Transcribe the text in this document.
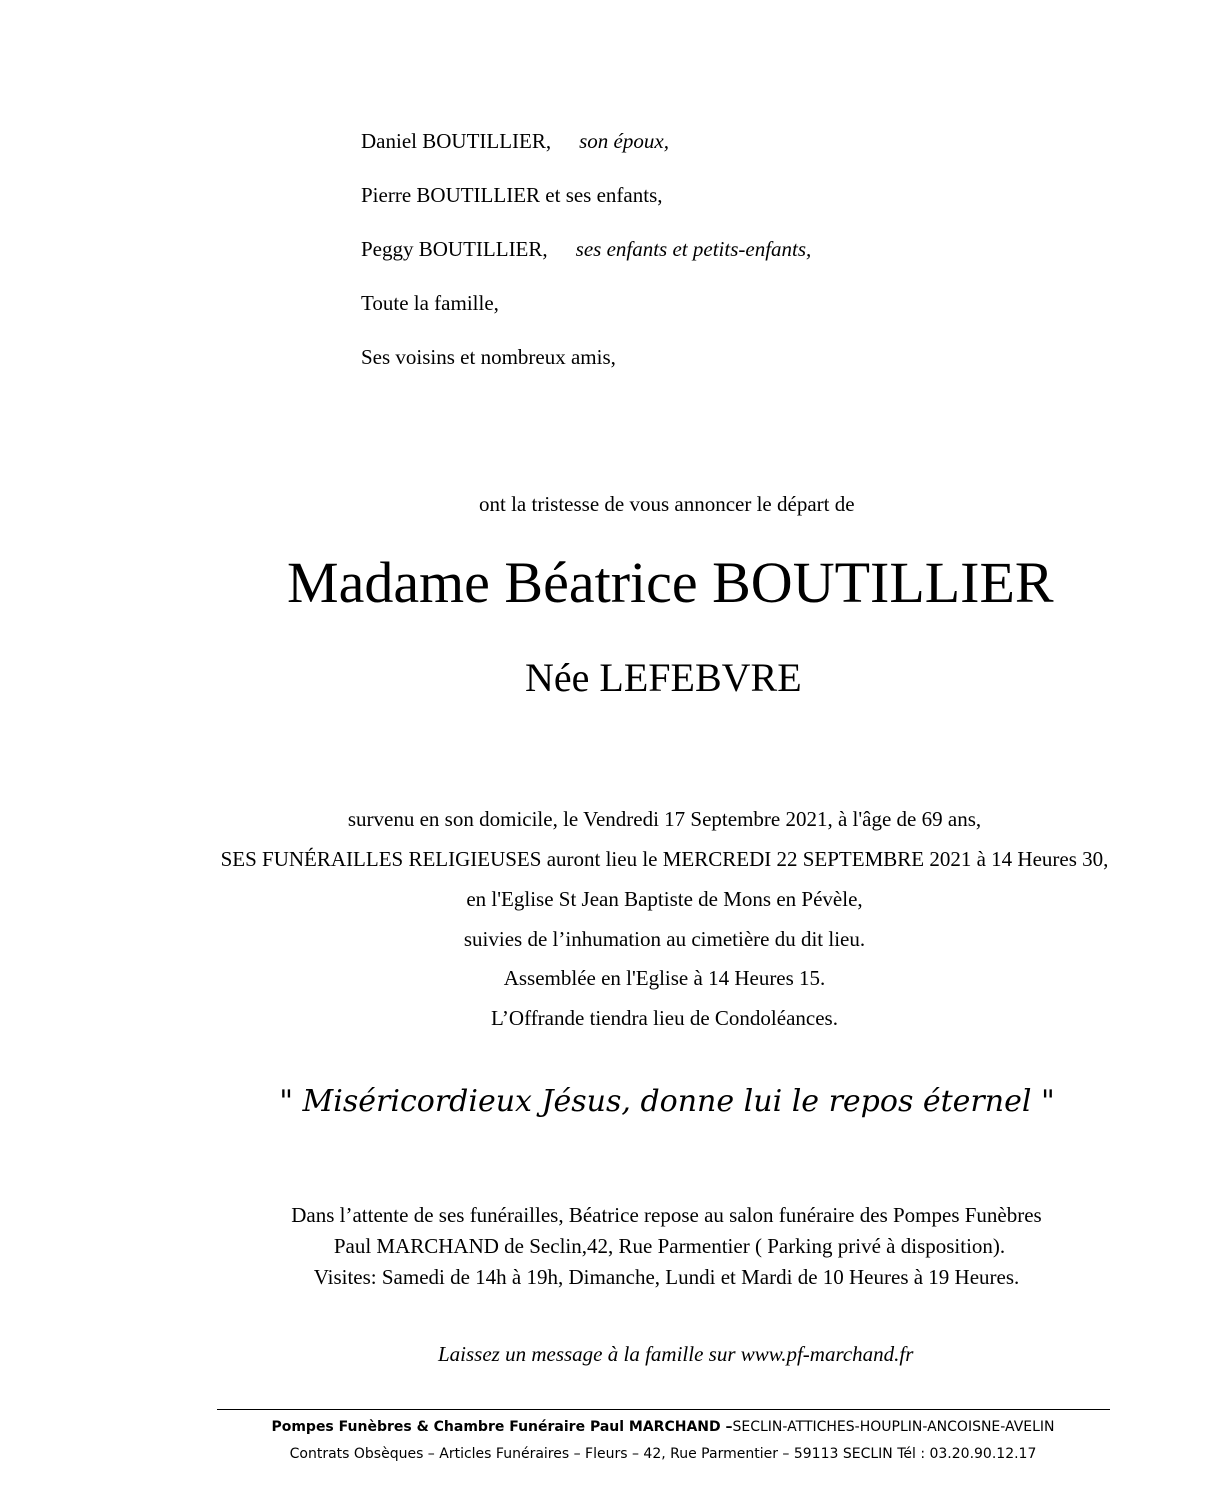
Daniel BOUTILLIER, son époux,
Pierre BOUTILLIER et ses enfants,
Peggy BOUTILLIER, ses enfants et petits-enfants,
Toute la famille,
Ses voisins et nombreux amis,
ont la tristesse de vous annoncer le départ de
Madame Béatrice BOUTILLIER
Née LEFEBVRE
survenu en son domicile, le Vendredi 17 Septembre 2021, à l'âge de 69 ans,
SES FUNÉRAILLES RELIGIEUSES auront lieu le MERCREDI 22 SEPTEMBRE 2021 à 14 Heures 30,
en l'Eglise St Jean Baptiste de Mons en Pévèle,
suivies de l’inhumation au cimetière du dit lieu.
Assemblée en l'Eglise à 14 Heures 15.
L’Offrande tiendra lieu de Condoléances.
" Miséricordieux Jésus, donne lui le repos éternel "
Dans l’attente de ses funérailles, Béatrice repose au salon funéraire des Pompes Funèbres
Paul MARCHAND de Seclin,42, Rue Parmentier ( Parking privé à disposition).
Visites: Samedi de 14h à 19h, Dimanche, Lundi et Mardi de 10 Heures à 19 Heures.
Laissez un message à la famille sur www.pf-marchand.fr
Pompes Funèbres & Chambre Funéraire Paul MARCHAND –SECLIN-ATTICHES-HOUPLIN-ANCOISNE-AVELIN
Contrats Obsèques – Articles Funéraires – Fleurs – 42, Rue Parmentier – 59113 SECLIN Tél : 03.20.90.12.17
